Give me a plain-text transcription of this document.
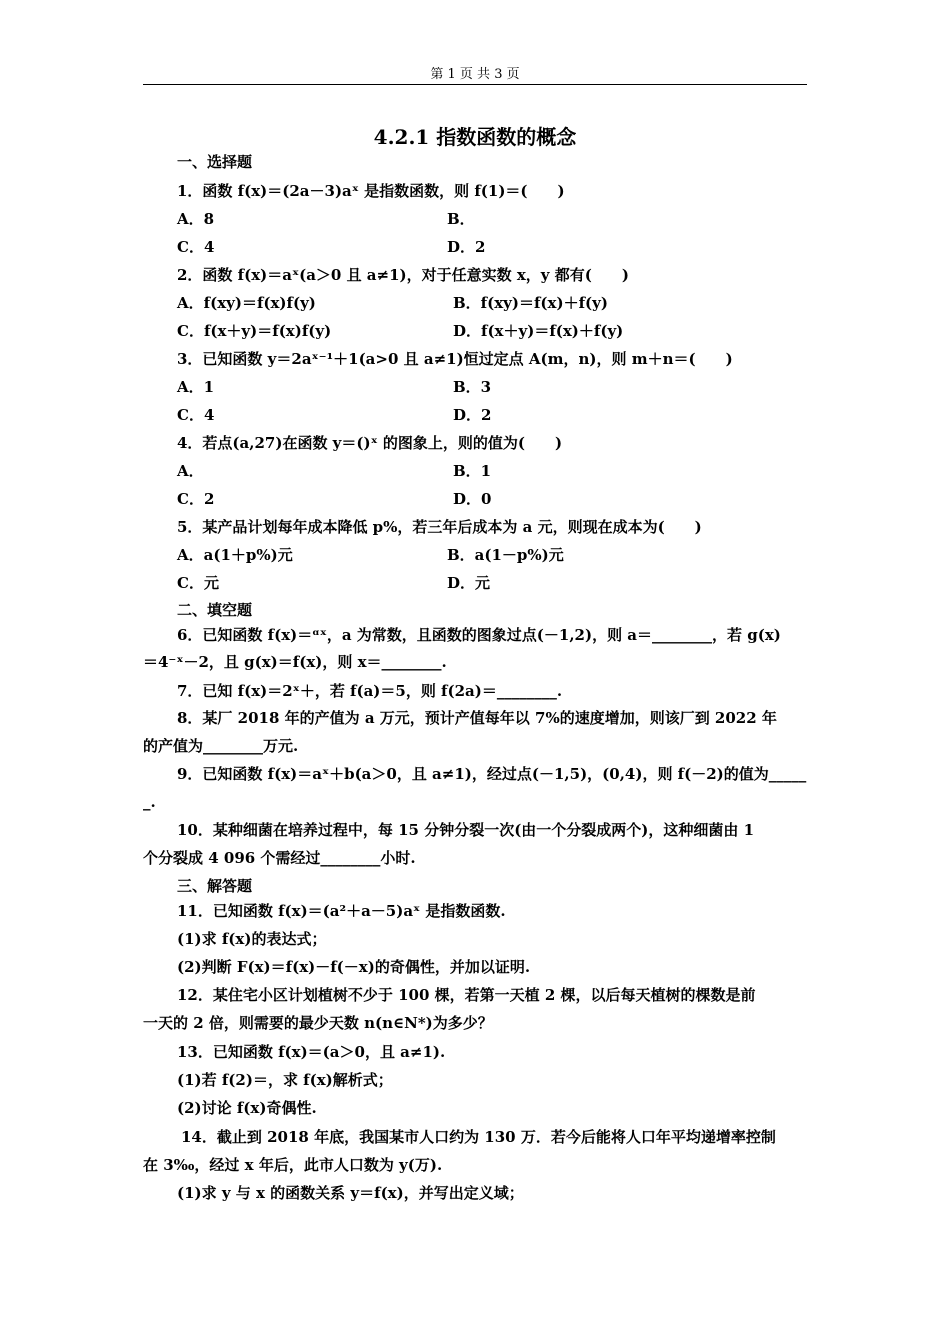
第 1 页 共 3 页
4.2.1 指数函数的概念
一、选择题
1．函数 f(x)＝(2a－3)aˣ 是指数函数，则 f(1)＝(　　)
A．8	B．
C．4	D．2
2．函数 f(x)＝aˣ(a＞0 且 a≠1)，对于任意实数 x，y 都有(　　)
A．f(xy)＝f(x)f(y)	B．f(xy)＝f(x)＋f(y)
C．f(x＋y)＝f(x)f(y)	D．f(x＋y)＝f(x)＋f(y)
3．已知函数 y＝2aˣ⁻¹＋1(a>0 且 a≠1)恒过定点 A(m，n)，则 m＋n＝(　　)
A．1	B．3
C．4	D．2
4．若点(a,27)在函数 y＝()ˣ 的图象上，则的值为(　　)
A．	B．1
C．2	D．0
5．某产品计划每年成本降低 p%，若三年后成本为 a 元，则现在成本为(　　)
A．a(1＋p%)元	B．a(1－p%)元
C．元	D．元
二、填空题
6．已知函数 f(x)＝ᵅˣ，a 为常数，且函数的图象过点(－1,2)，则 a＝________，若 g(x)
＝4⁻ˣ－2，且 g(x)＝f(x)，则 x＝________.
7．已知 f(x)＝2ˣ＋，若 f(a)＝5，则 f(2a)＝________.
8．某厂 2018 年的产值为 a 万元，预计产值每年以 7%的速度增加，则该厂到 2022 年
的产值为________万元.
9．已知函数 f(x)＝aˣ＋b(a＞0，且 a≠1)，经过点(－1,5)，(0,4)，则 f(－2)的值为_____
_.
10．某种细菌在培养过程中，每 15 分钟分裂一次(由一个分裂成两个)，这种细菌由 1
个分裂成 4 096 个需经过________小时.
三、解答题
11．已知函数 f(x)＝(a²＋a－5)aˣ 是指数函数.
(1)求 f(x)的表达式；
(2)判断 F(x)＝f(x)－f(－x)的奇偶性，并加以证明.
12．某住宅小区计划植树不少于 100 棵，若第一天植 2 棵，以后每天植树的棵数是前
一天的 2 倍，则需要的最少天数 n(n∈N*)为多少？
13．已知函数 f(x)＝(a＞0，且 a≠1).
(1)若 f(2)＝，求 f(x)解析式；
(2)讨论 f(x)奇偶性.
14．截止到 2018 年底，我国某市人口约为 130 万．若今后能将人口年平均递增率控制
在 3‰，经过 x 年后，此市人口数为 y(万).
(1)求 y 与 x 的函数关系 y＝f(x)，并写出定义域；
